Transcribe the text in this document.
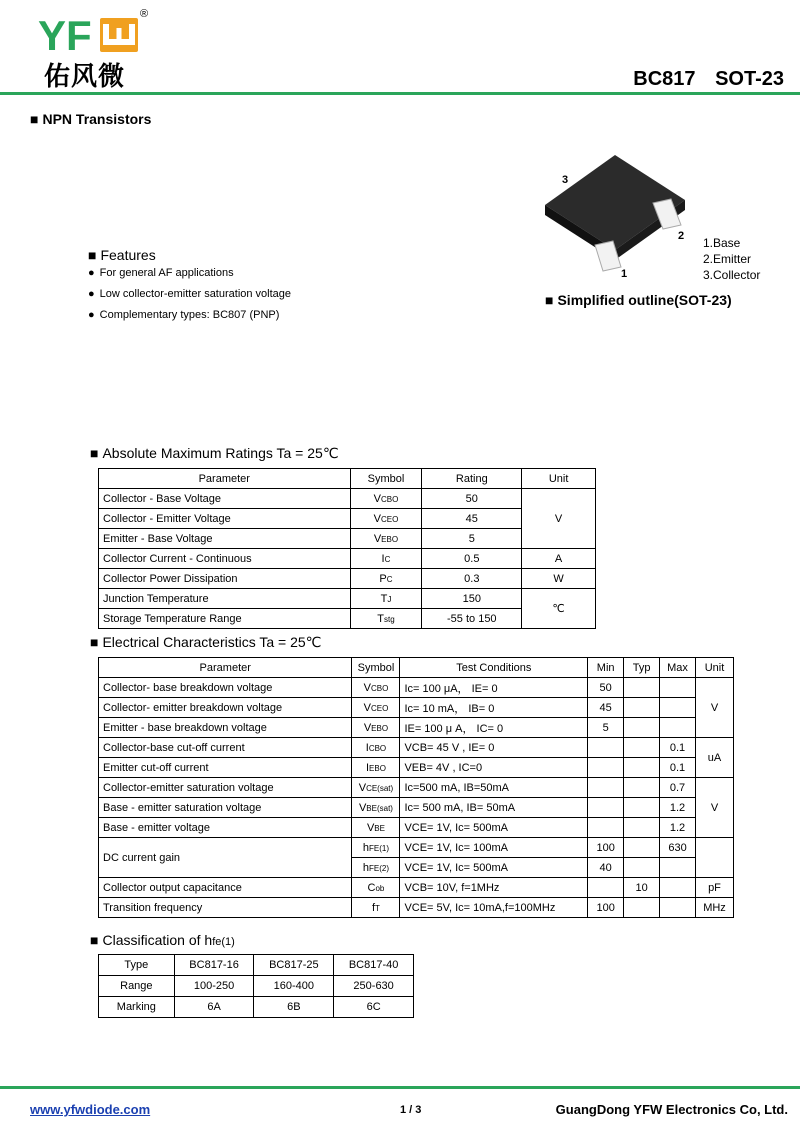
YF	®
佑风微	BC817 SOT-23
■ NPN Transistors
■ Features
● For general AF applications
● Low collector-emitter saturation voltage
● Complementary types: BC807 (PNP)
3
2
1
1.Base
2.Emitter
3.Collector
■ Simplified outline(SOT-23)
■ Absolute Maximum Ratings Ta = 25℃
Parameter	Symbol	Rating	Unit
Collector - Base Voltage	VCBO	50	V
Collector - Emitter Voltage	VCEO	45	
Emitter - Base Voltage	VEBO	5	
Collector Current - Continuous	IC	0.5	A
Collector Power Dissipation	PC	0.3	W
Junction Temperature	TJ	150	℃
Storage Temperature Range	Tstg	-55 to 150	
■ Electrical Characteristics Ta = 25℃
Parameter	Symbol	Test Conditions	Min	Typ	Max	Unit
Collector- base breakdown voltage	VCBO	Ic= 100 μA， IE= 0	50			V
Collector- emitter breakdown voltage	VCEO	Ic= 10 mA， IB= 0	45			
Emitter - base breakdown voltage	VEBO	IE= 100 μ A， IC= 0	5			
Collector-base cut-off current	ICBO	VCB= 45 V , IE= 0			0.1	uA
Emitter cut-off current	IEBO	VEB= 4V , IC=0			0.1	
Collector-emitter saturation voltage	VCE(sat)	Ic=500 mA, IB=50mA			0.7	V
Base - emitter saturation voltage	VBE(sat)	Ic= 500 mA, IB= 50mA			1.2	
Base - emitter voltage	VBE	VCE= 1V, Ic= 500mA			1.2	
DC current gain	hFE(1)	VCE= 1V, Ic= 100mA	100		630	
	hFE(2)	VCE= 1V, Ic= 500mA	40			
Collector output capacitance	Cob	VCB= 10V, f=1MHz		10		pF
Transition frequency	fT	VCE= 5V, Ic= 10mA,f=100MHz	100			MHz
■ Classification of hfe(1)
Type	BC817-16	BC817-25	BC817-40
Range	100-250	160-400	250-630
Marking	6A	6B	6C
www.yfwdiode.com	1 / 3	GuangDong YFW Electronics Co, Ltd.
